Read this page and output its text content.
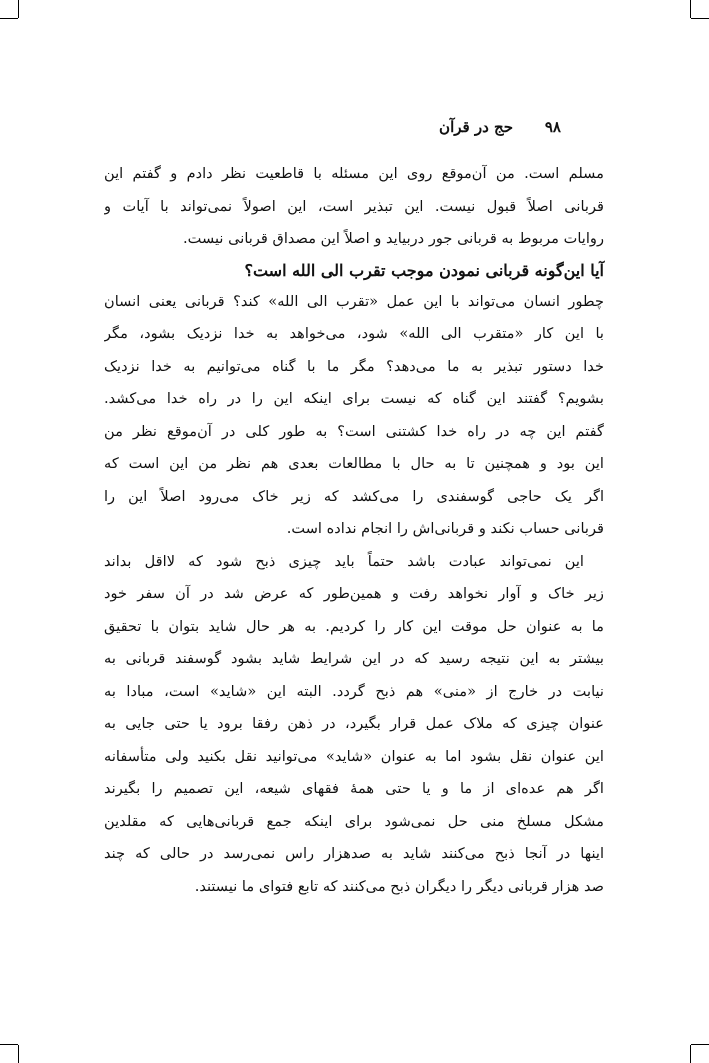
۹۸
حج در قرآن
مسلم است. من آن‌موقع روی این مسئله با قاطعیت نظر دادم و گفتم این
قربانی اصلاً قبول نیست. این تبذیر است، این اصولاً نمی‌تواند با آیات و
روایات مربوط به قربانی جور دربیاید و اصلاً این مصداق قربانی نیست.
آیا این‌گونه قربانی نمودن موجب تقرب الی الله است؟
چطور انسان می‌تواند با این عمل «تقرب الی الله» کند؟ قربانی یعنی انسان
با این کار «متقرب الی الله» شود، می‌خواهد به خدا نزدیک بشود، مگر
خدا دستور تبذیر به ما می‌دهد؟ مگر ما با گناه می‌توانیم به خدا نزدیک
بشویم؟ گفتند این گناه که نیست برای اینکه این را در راه خدا می‌کشد.
گفتم این چه در راه خدا کشتنی است؟ به طور کلی در آن‌موقع نظر من
این بود و همچنین تا به حال با مطالعات بعدی هم نظر من این است که
اگر یک حاجی گوسفندی را می‌کشد که زیر خاک می‌رود اصلاً این را
قربانی حساب نکند و قربانی‌اش را انجام نداده است.
این نمی‌تواند عبادت باشد حتماً باید چیزی ذبح شود که لااقل بداند
زیر خاک و آوار نخواهد رفت و همین‌طور که عرض شد در آن سفر خود
ما به عنوان حل موقت این کار را کردیم. به هر حال شاید بتوان با تحقیق
بیشتر به این نتیجه رسید که در این شرایط شاید بشود گوسفند قربانی به
نیابت در خارج از «منی» هم ذبح گردد. البته این «شاید» است، مبادا به
عنوان چیزی که ملاک عمل قرار بگیرد، در ذهن رفقا برود یا حتی جایی به
این عنوان نقل بشود اما به عنوان «شاید» می‌توانید نقل بکنید ولی متأسفانه
اگر هم عده‌ای از ما و یا حتی همهٔ فقهای شیعه، این تصمیم را بگیرند
مشکل مسلخ منی حل نمی‌شود برای اینکه جمع قربانی‌هایی که مقلدین
اینها در آنجا ذبح می‌کنند شاید به صدهزار راس نمی‌رسد در حالی که چند
صد هزار قربانی دیگر را دیگران ذبح می‌کنند که تابع فتوای ما نیستند.
